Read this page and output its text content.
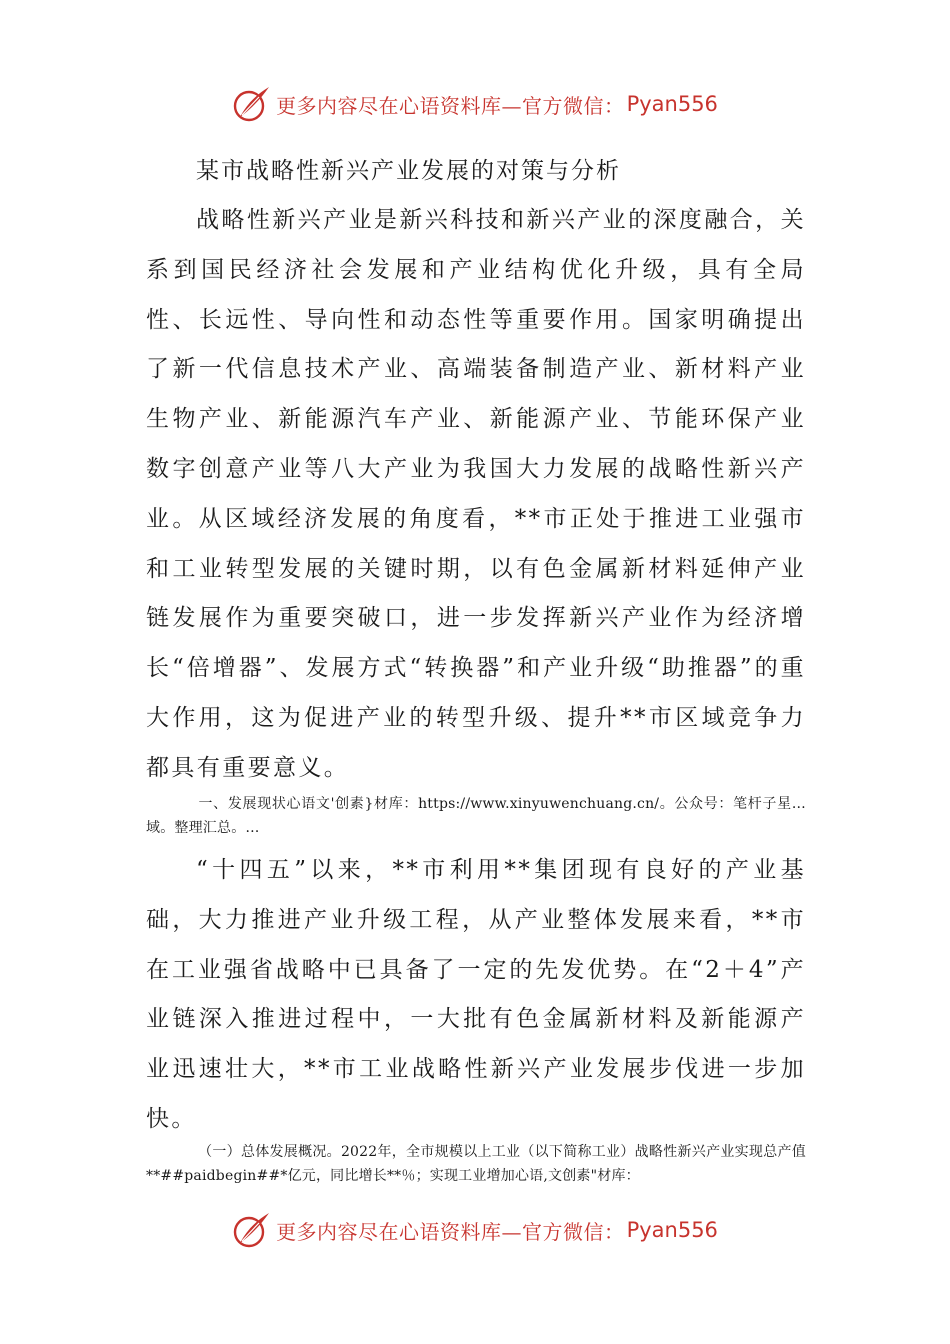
更多内容尽在心语资料库—官方微信： Pyan556
某市战略性新兴产业发展的对策与分析

战略性新兴产业是新兴科技和新兴产业的深度融合，关系到国民经济社会发展和产业结构优化升级，具有全局性、长远性、导向性和动态性等重要作用。国家明确提出了新一代信息技术产业、高端装备制造产业、新材料产业生物产业、新能源汽车产业、新能源产业、节能环保产业数字创意产业等八大产业为我国大力发展的战略性新兴产业。从区域经济发展的角度看，**市正处于推进工业强市和工业转型发展的关键时期，以有色金属新材料延伸产业链发展作为重要突破口，进一步发挥新兴产业作为经济增长“倍增器”、发展方式“转换器”和产业升级“助推器”的重大作用，这为促进产业的转型升级、提升**市区域竞争力都具有重要意义。

一、发展现状心语文'创素}材库：https://www.xinyuwenchuang.cn/。公众号：笔杆子星…域。整理汇总。…

“十四五”以来，**市利用**集团现有良好的产业基础，大力推进产业升级工程，从产业整体发展来看，**市在工业强省战略中已具备了一定的先发优势。在“2＋4”产业链深入推进过程中，一大批有色金属新材料及新能源产业迅速壮大，**市工业战略性新兴产业发展步伐进一步加快。

（一）总体发展概况。2022年，全市规模以上工业（以下简称工业）战略性新兴产业实现总产值**##paidbegin##*亿元，同比增长**％；实现工业增加心语,文创素"材库：

更多内容尽在心语资料库—官方微信： Pyan556
